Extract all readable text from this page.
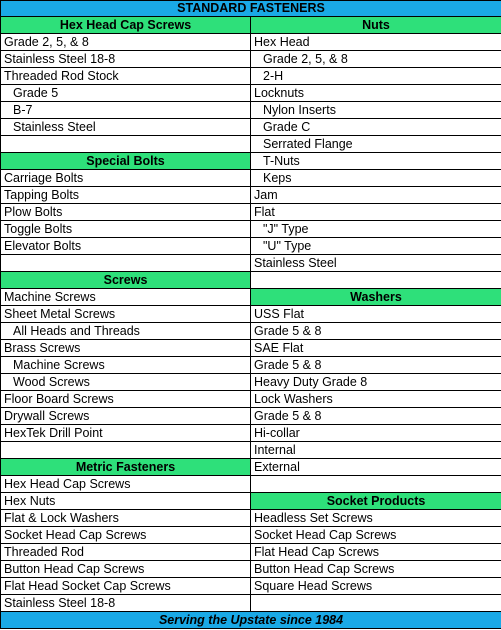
STANDARD FASTENERS	
Hex Head Cap Screws	Nuts
Grade 2, 5, & 8	Hex Head
Stainless Steel 18-8	Grade 2, 5, & 8
Threaded Rod Stock	2-H
Grade 5	Locknuts
B-7	Nylon Inserts
Stainless Steel	Grade C
	Serrated Flange
Special Bolts	T-Nuts
Carriage Bolts	Keps
Tapping Bolts	Jam
Plow Bolts	Flat
Toggle Bolts	"J" Type
Elevator Bolts	"U" Type
	Stainless Steel
Screws	
Machine Screws	Washers
Sheet Metal Screws	USS Flat
All Heads and Threads	Grade 5 & 8
Brass Screws	SAE Flat
Machine Screws	Grade 5 & 8
Wood Screws	Heavy Duty Grade 8
Floor Board Screws	Lock Washers
Drywall Screws	Grade 5 & 8
HexTek Drill Point	Hi-collar
	Internal
Metric Fasteners	External
Hex Head Cap Screws	
Hex Nuts	Socket Products
Flat & Lock Washers	Headless Set Screws
Socket Head Cap Screws	Socket Head Cap Screws
Threaded Rod	Flat Head Cap Screws
Button Head Cap Screws	Button Head Cap Screws
Flat Head Socket Cap Screws	Square Head Screws
Stainless Steel 18-8	
Serving the Upstate since 1984	
